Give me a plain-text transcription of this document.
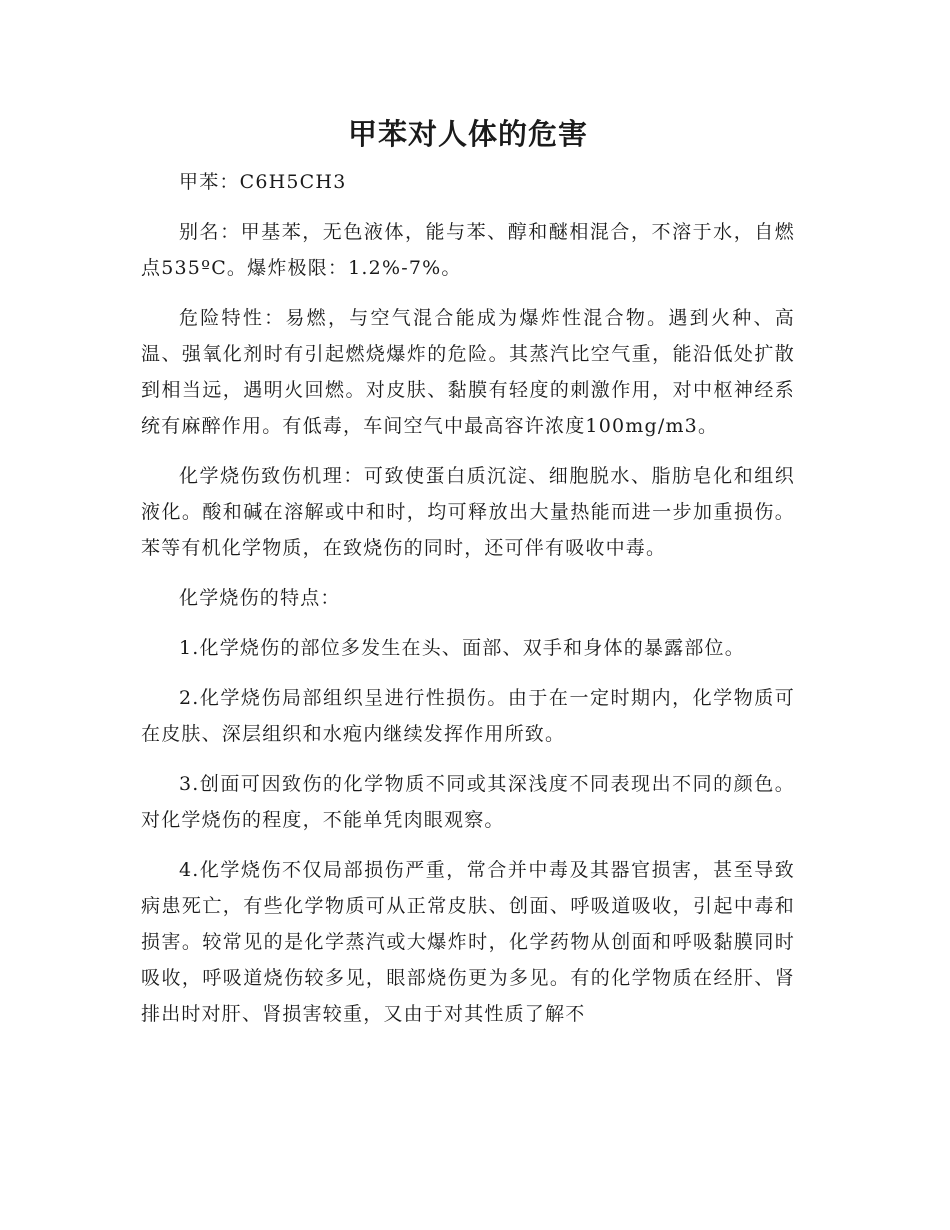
甲苯对人体的危害

甲苯：C6H5CH3

别名：甲基苯，无色液体，能与苯、醇和醚相混合，不溶于水，自燃点535ºC。爆炸极限：1.2%-7%。

危险特性：易燃，与空气混合能成为爆炸性混合物。遇到火种、高温、强氧化剂时有引起燃烧爆炸的危险。其蒸汽比空气重，能沿低处扩散到相当远，遇明火回燃。对皮肤、黏膜有轻度的刺激作用，对中枢神经系统有麻醉作用。有低毒，车间空气中最高容许浓度100mg/m3。

化学烧伤致伤机理：可致使蛋白质沉淀、细胞脱水、脂肪皂化和组织液化。酸和碱在溶解或中和时，均可释放出大量热能而进一步加重损伤。苯等有机化学物质，在致烧伤的同时，还可伴有吸收中毒。

化学烧伤的特点：

1.化学烧伤的部位多发生在头、面部、双手和身体的暴露部位。

2.化学烧伤局部组织呈进行性损伤。由于在一定时期内，化学物质可在皮肤、深层组织和水疱内继续发挥作用所致。

3.创面可因致伤的化学物质不同或其深浅度不同表现出不同的颜色。对化学烧伤的程度，不能单凭肉眼观察。

4.化学烧伤不仅局部损伤严重，常合并中毒及其器官损害，甚至导致病患死亡，有些化学物质可从正常皮肤、创面、呼吸道吸收，引起中毒和损害。较常见的是化学蒸汽或大爆炸时，化学药物从创面和呼吸黏膜同时吸收，呼吸道烧伤较多见，眼部烧伤更为多见。有的化学物质在经肝、肾排出时对肝、肾损害较重，又由于对其性质了解不
